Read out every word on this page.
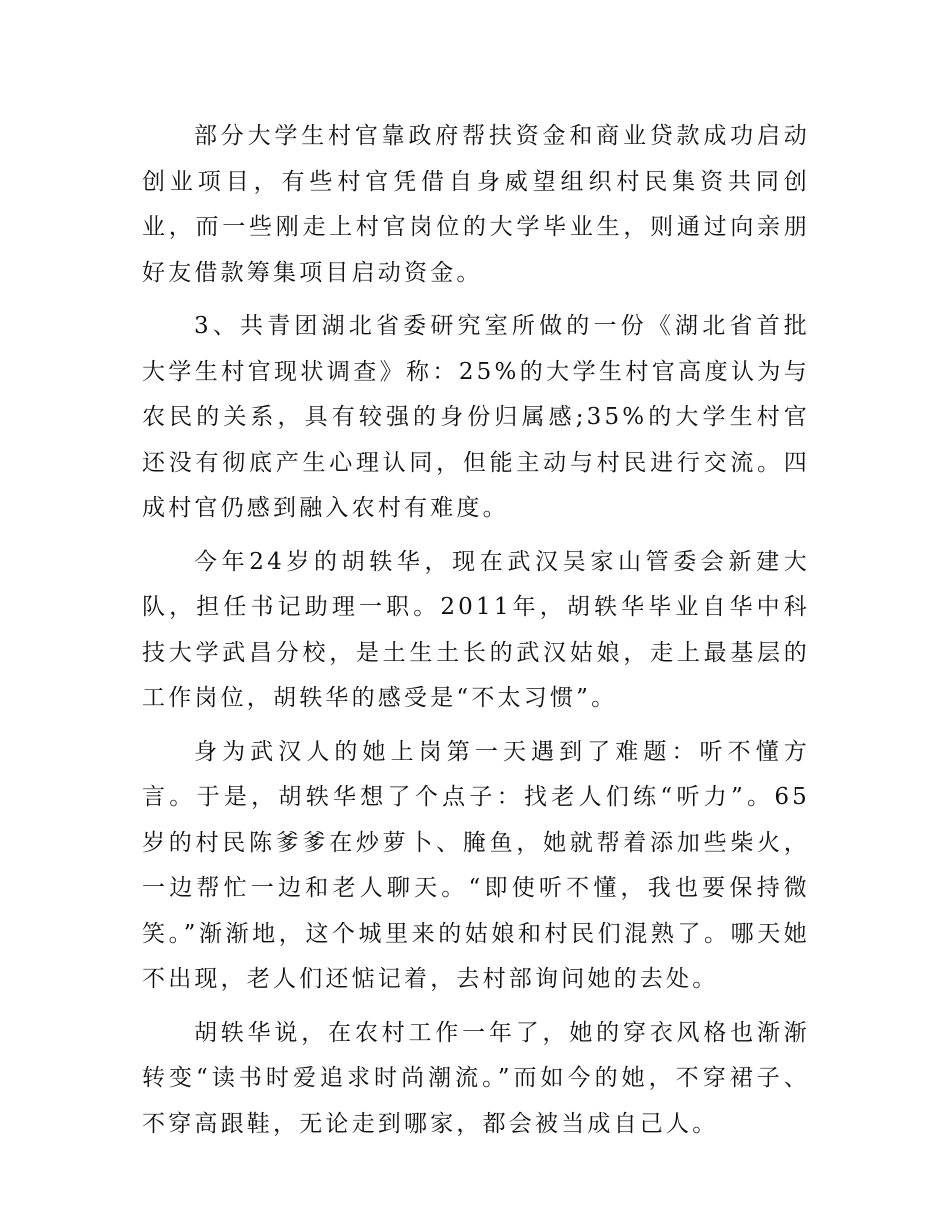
部分大学生村官靠政府帮扶资金和商业贷款成功启动创业项目，有些村官凭借自身威望组织村民集资共同创业，而一些刚走上村官岗位的大学毕业生，则通过向亲朋好友借款筹集项目启动资金。

3、共青团湖北省委研究室所做的一份《湖北省首批大学生村官现状调查》称：25%的大学生村官高度认为与农民的关系，具有较强的身份归属感;35%的大学生村官还没有彻底产生心理认同，但能主动与村民进行交流。四成村官仍感到融入农村有难度。

今年24岁的胡轶华，现在武汉吴家山管委会新建大队，担任书记助理一职。2011年，胡轶华毕业自华中科技大学武昌分校，是土生土长的武汉姑娘，走上最基层的工作岗位，胡轶华的感受是“不太习惯”。

身为武汉人的她上岗第一天遇到了难题：听不懂方言。于是，胡轶华想了个点子：找老人们练“听力”。65岁的村民陈爹爹在炒萝卜、腌鱼，她就帮着添加些柴火，一边帮忙一边和老人聊天。“即使听不懂，我也要保持微笑。”渐渐地，这个城里来的姑娘和村民们混熟了。哪天她不出现，老人们还惦记着，去村部询问她的去处。

胡轶华说，在农村工作一年了，她的穿衣风格也渐渐转变“读书时爱追求时尚潮流。”而如今的她，不穿裙子、不穿高跟鞋，无论走到哪家，都会被当成自己人。
